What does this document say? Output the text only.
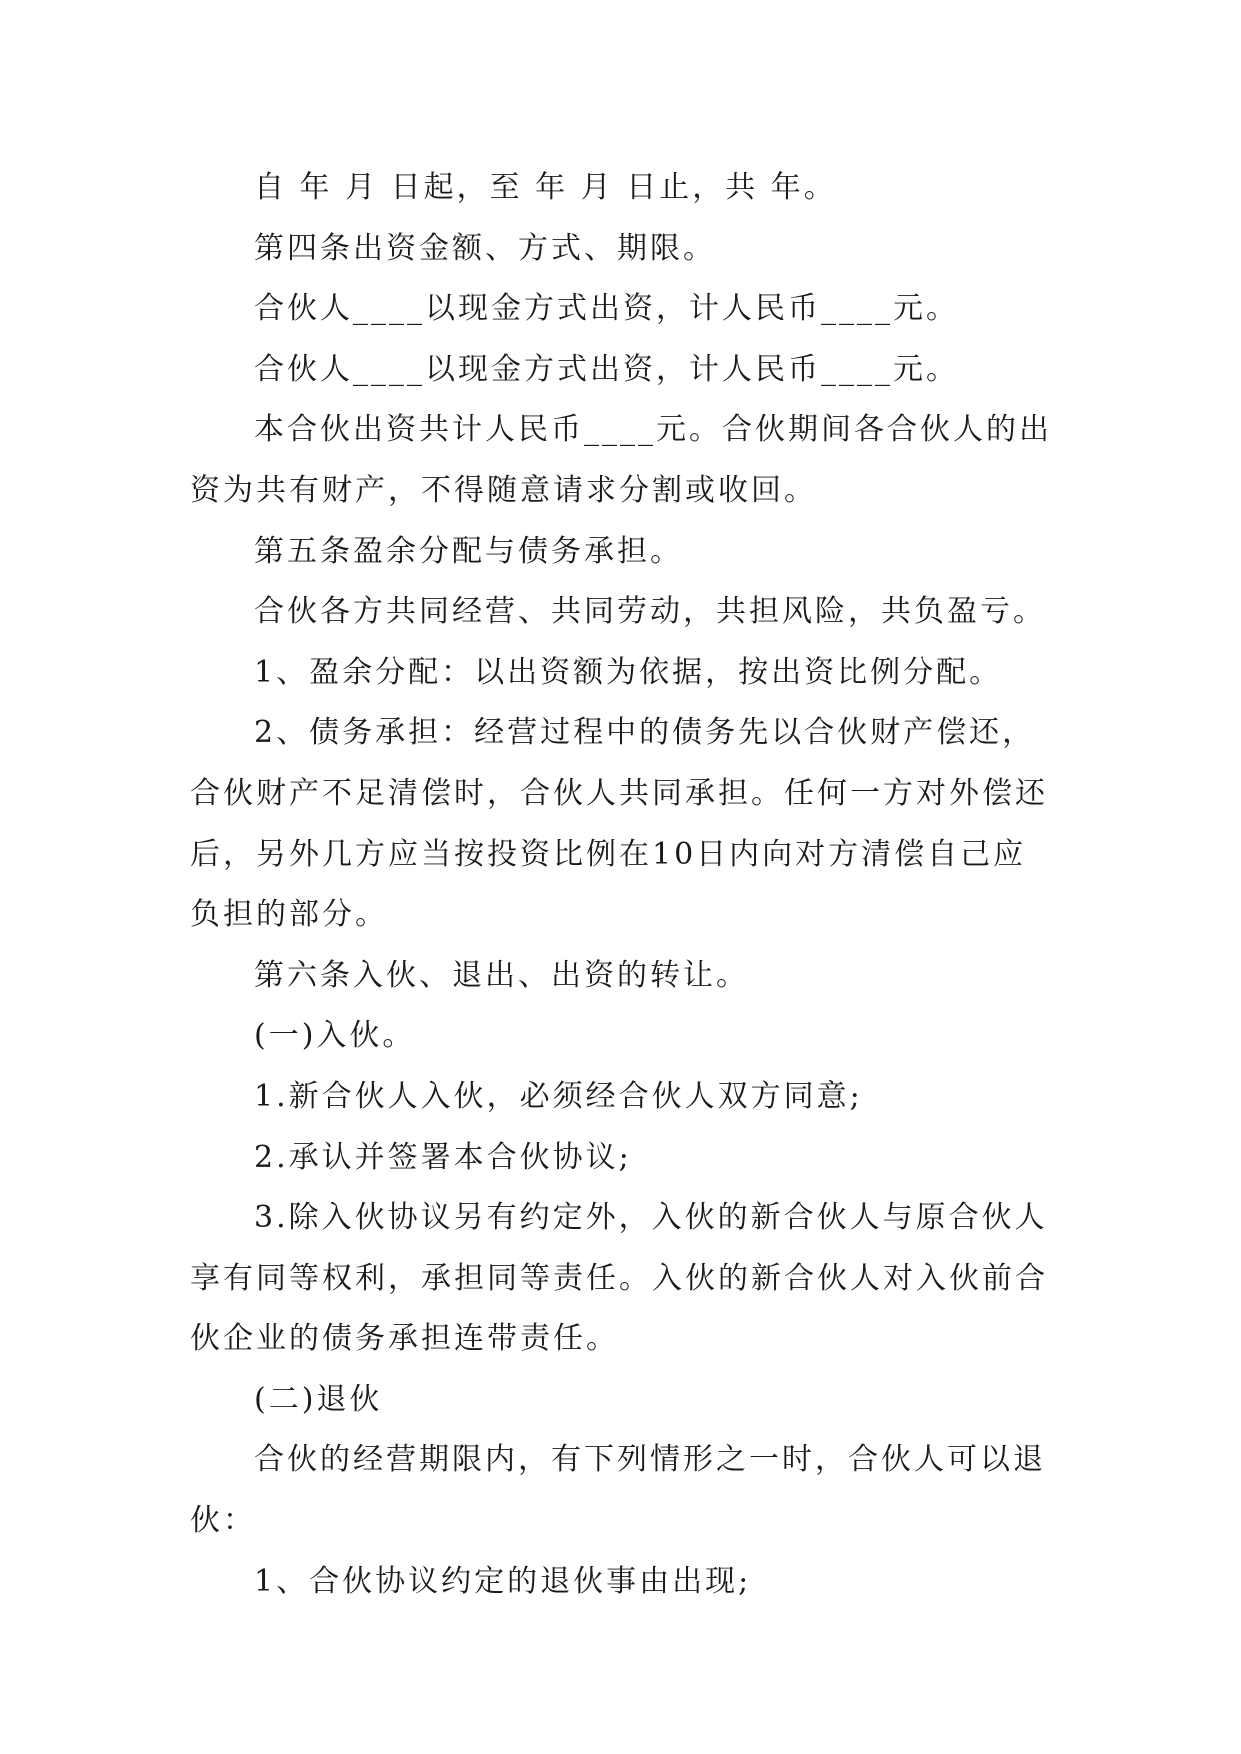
自 年 月 日起，至 年 月 日止，共 年。

第四条出资金额、方式、期限。

合伙人____以现金方式出资，计人民币____元。

合伙人____以现金方式出资，计人民币____元。

本合伙出资共计人民币____元。合伙期间各合伙人的出资为共有财产，不得随意请求分割或收回。

第五条盈余分配与债务承担。

合伙各方共同经营、共同劳动，共担风险，共负盈亏。

1、盈余分配：以出资额为依据，按出资比例分配。

2、债务承担：经营过程中的债务先以合伙财产偿还，合伙财产不足清偿时，合伙人共同承担。任何一方对外偿还后，另外几方应当按投资比例在10日内向对方清偿自己应负担的部分。

第六条入伙、退出、出资的转让。

(一)入伙。

1.新合伙人入伙，必须经合伙人双方同意;

2.承认并签署本合伙协议;

3.除入伙协议另有约定外，入伙的新合伙人与原合伙人享有同等权利，承担同等责任。入伙的新合伙人对入伙前合伙企业的债务承担连带责任。

(二)退伙

合伙的经营期限内，有下列情形之一时，合伙人可以退伙：

1、合伙协议约定的退伙事由出现;
